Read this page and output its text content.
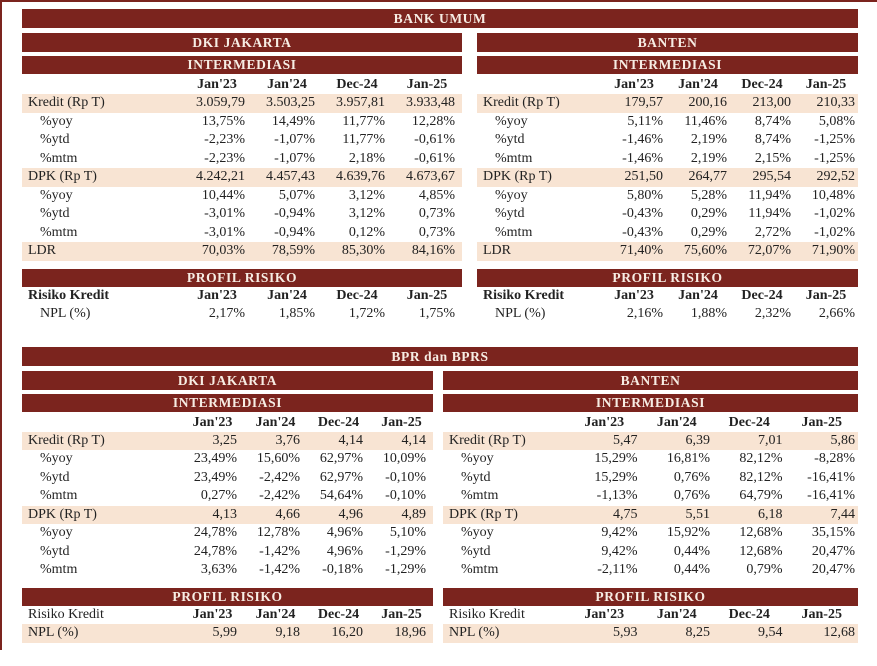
BANK UMUM
DKI JAKARTA
INTERMEDIASI
Jan'23	Jan'24	Dec-24	Jan-25
Kredit (Rp T)	3.059,79	3.503,25	3.957,81	3.933,48
%yoy	13,75%	14,49%	11,77%	12,28%
%ytd	-2,23%	-1,07%	11,77%	-0,61%
%mtm	-2,23%	-1,07%	2,18%	-0,61%
DPK (Rp T)	4.242,21	4.457,43	4.639,76	4.673,67
%yoy	10,44%	5,07%	3,12%	4,85%
%ytd	-3,01%	-0,94%	3,12%	0,73%
%mtm	-3,01%	-0,94%	0,12%	0,73%
LDR	70,03%	78,59%	85,30%	84,16%
PROFIL RISIKO
Risiko Kredit	Jan'23	Jan'24	Dec-24	Jan-25
NPL (%)	2,17%	1,85%	1,72%	1,75%
BANTEN
INTERMEDIASI
Jan'23	Jan'24	Dec-24	Jan-25
Kredit (Rp T)	179,57	200,16	213,00	210,33
%yoy	5,11%	11,46%	8,74%	5,08%
%ytd	-1,46%	2,19%	8,74%	-1,25%
%mtm	-1,46%	2,19%	2,15%	-1,25%
DPK (Rp T)	251,50	264,77	295,54	292,52
%yoy	5,80%	5,28%	11,94%	10,48%
%ytd	-0,43%	0,29%	11,94%	-1,02%
%mtm	-0,43%	0,29%	2,72%	-1,02%
LDR	71,40%	75,60%	72,07%	71,90%
PROFIL RISIKO
Risiko Kredit	Jan'23	Jan'24	Dec-24	Jan-25
NPL (%)	2,16%	1,88%	2,32%	2,66%
BPR dan BPRS
DKI JAKARTA
INTERMEDIASI
Jan'23	Jan'24	Dec-24	Jan-25
Kredit (Rp T)	3,25	3,76	4,14	4,14
%yoy	23,49%	15,60%	62,97%	10,09%
%ytd	23,49%	-2,42%	62,97%	-0,10%
%mtm	0,27%	-2,42%	54,64%	-0,10%
DPK (Rp T)	4,13	4,66	4,96	4,89
%yoy	24,78%	12,78%	4,96%	5,10%
%ytd	24,78%	-1,42%	4,96%	-1,29%
%mtm	3,63%	-1,42%	-0,18%	-1,29%
PROFIL RISIKO
Risiko Kredit	Jan'23	Jan'24	Dec-24	Jan-25
NPL (%)	5,99	9,18	16,20	18,96
BANTEN
INTERMEDIASI
Jan'23	Jan'24	Dec-24	Jan-25
Kredit (Rp T)	5,47	6,39	7,01	5,86
%yoy	15,29%	16,81%	82,12%	-8,28%
%ytd	15,29%	0,76%	82,12%	-16,41%
%mtm	-1,13%	0,76%	64,79%	-16,41%
DPK (Rp T)	4,75	5,51	6,18	7,44
%yoy	9,42%	15,92%	12,68%	35,15%
%ytd	9,42%	0,44%	12,68%	20,47%
%mtm	-2,11%	0,44%	0,79%	20,47%
PROFIL RISIKO
Risiko Kredit	Jan'23	Jan'24	Dec-24	Jan-25
NPL (%)	5,93	8,25	9,54	12,68
